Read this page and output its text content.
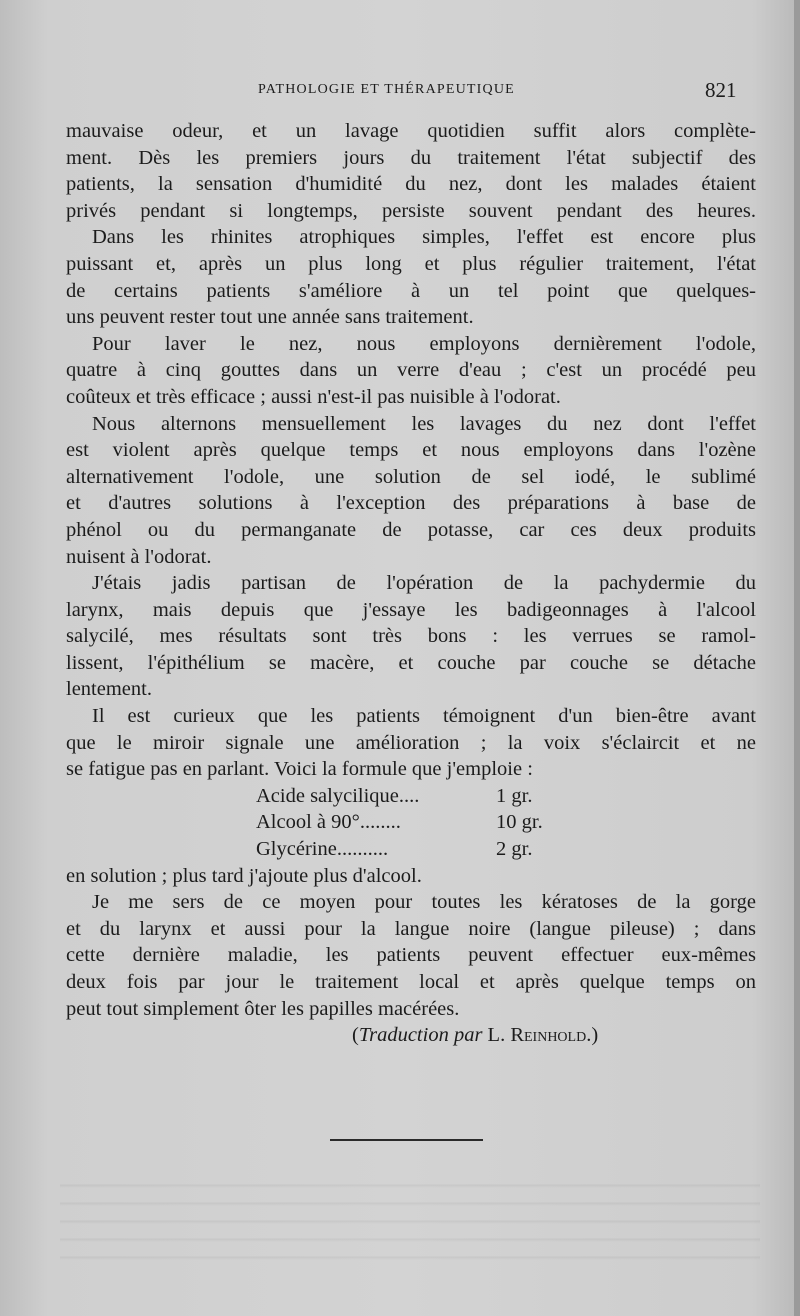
PATHOLOGIE ET THÉRAPEUTIQUE	821
mauvaise odeur, et un lavage quotidien suffit alors complète-
ment. Dès les premiers jours du traitement l'état subjectif des
patients, la sensation d'humidité du nez, dont les malades étaient
privés pendant si longtemps, persiste souvent pendant des heures.
Dans les rhinites atrophiques simples, l'effet est encore plus
puissant et, après un plus long et plus régulier traitement, l'état
de certains patients s'améliore à un tel point que quelques-
uns peuvent rester tout une année sans traitement.
Pour laver le nez, nous employons dernièrement l'odole,
quatre à cinq gouttes dans un verre d'eau ; c'est un procédé peu
coûteux et très efficace ; aussi n'est-il pas nuisible à l'odorat.
Nous alternons mensuellement les lavages du nez dont l'effet
est violent après quelque temps et nous employons dans l'ozène
alternativement l'odole, une solution de sel iodé, le sublimé
et d'autres solutions à l'exception des préparations à base de
phénol ou du permanganate de potasse, car ces deux produits
nuisent à l'odorat.
J'étais jadis partisan de l'opération de la pachydermie du
larynx, mais depuis que j'essaye les badigeonnages à l'alcool
salycilé, mes résultats sont très bons : les verrues se ramol-
lissent, l'épithélium se macère, et couche par couche se détache
lentement.
Il est curieux que les patients témoignent d'un bien-être avant
que le miroir signale une amélioration ; la voix s'éclaircit et ne
se fatigue pas en parlant. Voici la formule que j'emploie :
Acide salycilique....	1 gr.
Alcool à 90°........	10 gr.
Glycérine..........	2 gr.
en solution ; plus tard j'ajoute plus d'alcool.
Je me sers de ce moyen pour toutes les kératoses de la gorge
et du larynx et aussi pour la langue noire (langue pileuse) ; dans
cette dernière maladie, les patients peuvent effectuer eux-mêmes
deux fois par jour le traitement local et après quelque temps on
peut tout simplement ôter les papilles macérées.
(Traduction par L. Reinhold.)
